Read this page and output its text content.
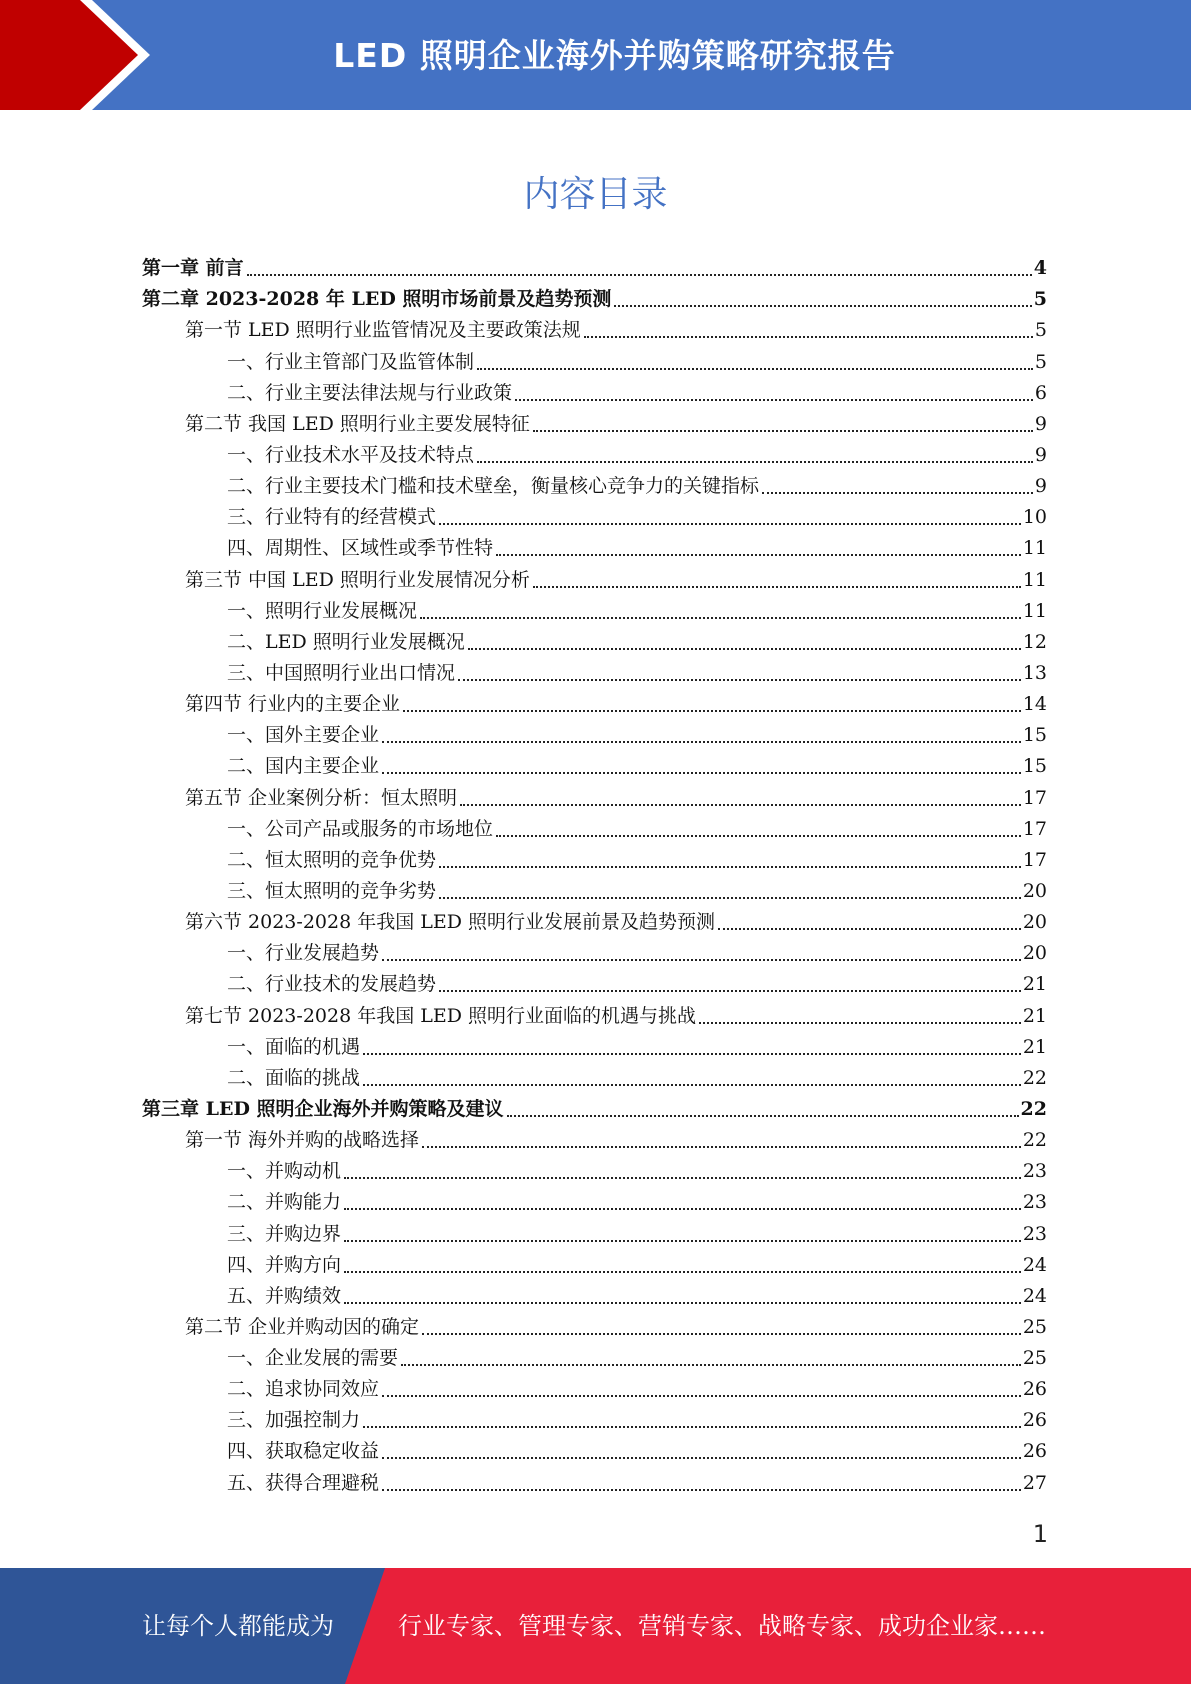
LED 照明企业海外并购策略研究报告
内容目录
第一章 前言	4
第二章 2023-2028 年 LED 照明市场前景及趋势预测	5
第一节 LED 照明行业监管情况及主要政策法规	5
一、行业主管部门及监管体制	5
二、行业主要法律法规与行业政策	6
第二节 我国 LED 照明行业主要发展特征	9
一、行业技术水平及技术特点	9
二、行业主要技术门槛和技术壁垒，衡量核心竞争力的关键指标	9
三、行业特有的经营模式	10
四、周期性、区域性或季节性特	11
第三节 中国 LED 照明行业发展情况分析	11
一、照明行业发展概况	11
二、LED 照明行业发展概况	12
三、中国照明行业出口情况	13
第四节 行业内的主要企业	14
一、国外主要企业	15
二、国内主要企业	15
第五节 企业案例分析：恒太照明	17
一、公司产品或服务的市场地位	17
二、恒太照明的竞争优势	17
三、恒太照明的竞争劣势	20
第六节 2023-2028 年我国 LED 照明行业发展前景及趋势预测	20
一、行业发展趋势	20
二、行业技术的发展趋势	21
第七节 2023-2028 年我国 LED 照明行业面临的机遇与挑战	21
一、面临的机遇	21
二、面临的挑战	22
第三章 LED 照明企业海外并购策略及建议	22
第一节 海外并购的战略选择	22
一、并购动机	23
二、并购能力	23
三、并购边界	23
四、并购方向	24
五、并购绩效	24
第二节 企业并购动因的确定	25
一、企业发展的需要	25
二、追求协同效应	26
三、加强控制力	26
四、获取稳定收益	26
五、获得合理避税	27
1
让每个人都能成为	行业专家、管理专家、营销专家、战略专家、成功企业家……
